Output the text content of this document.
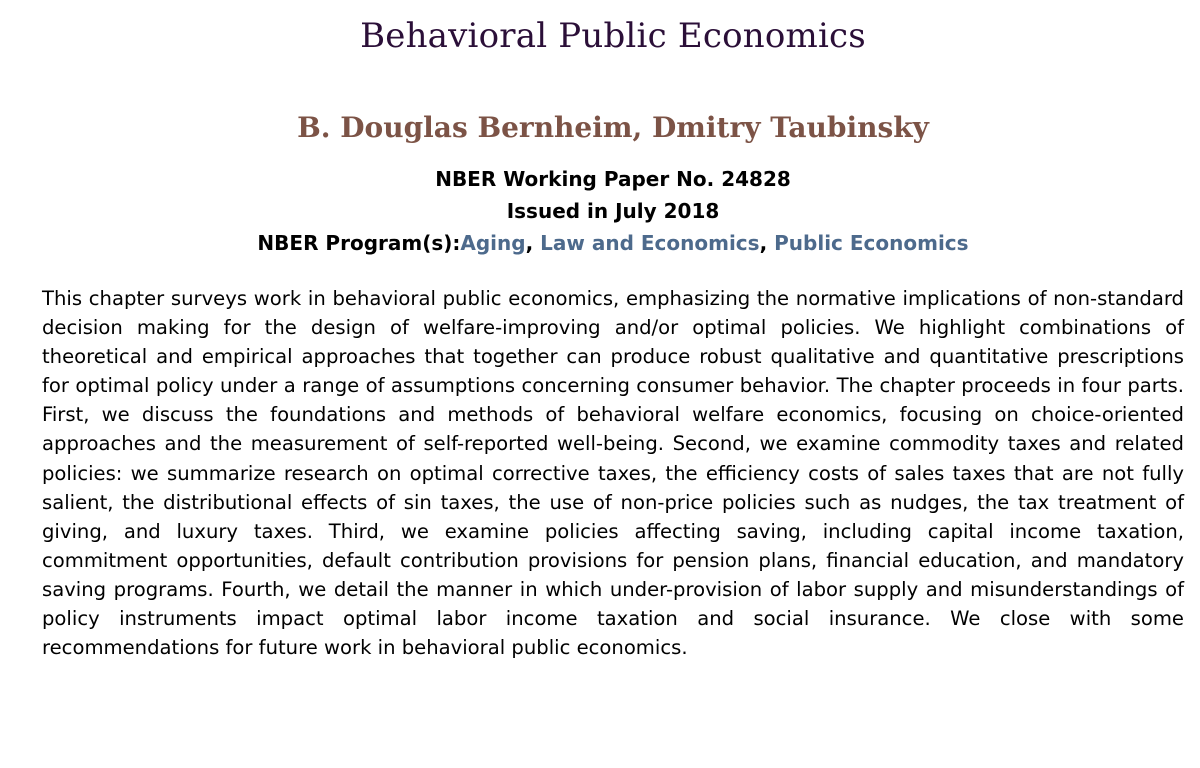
Behavioral Public Economics
B. Douglas Bernheim, Dmitry Taubinsky
NBER Working Paper No. 24828
Issued in July 2018
NBER Program(s):Aging, Law and Economics, Public Economics

This chapter surveys work in behavioral public economics, emphasizing the normative implications of non-standard decision making for the design of welfare-improving and/or optimal policies. We highlight combinations of theoretical and empirical approaches that together can produce robust qualitative and quantitative prescriptions for optimal policy under a range of assumptions concerning consumer behavior. The chapter proceeds in four parts. First, we discuss the foundations and methods of behavioral welfare economics, focusing on choice-oriented approaches and the measurement of self-reported well-being. Second, we examine commodity taxes and related policies: we summarize research on optimal corrective taxes, the efficiency costs of sales taxes that are not fully salient, the distributional effects of sin taxes, the use of non-price policies such as nudges, the tax treatment of giving, and luxury taxes. Third, we examine policies affecting saving, including capital income taxation, commitment opportunities, default contribution provisions for pension plans, financial education, and mandatory saving programs. Fourth, we detail the manner in which under-provision of labor supply and misunderstandings of policy instruments impact optimal labor income taxation and social insurance. We close with some recommendations for future work in behavioral public economics.
